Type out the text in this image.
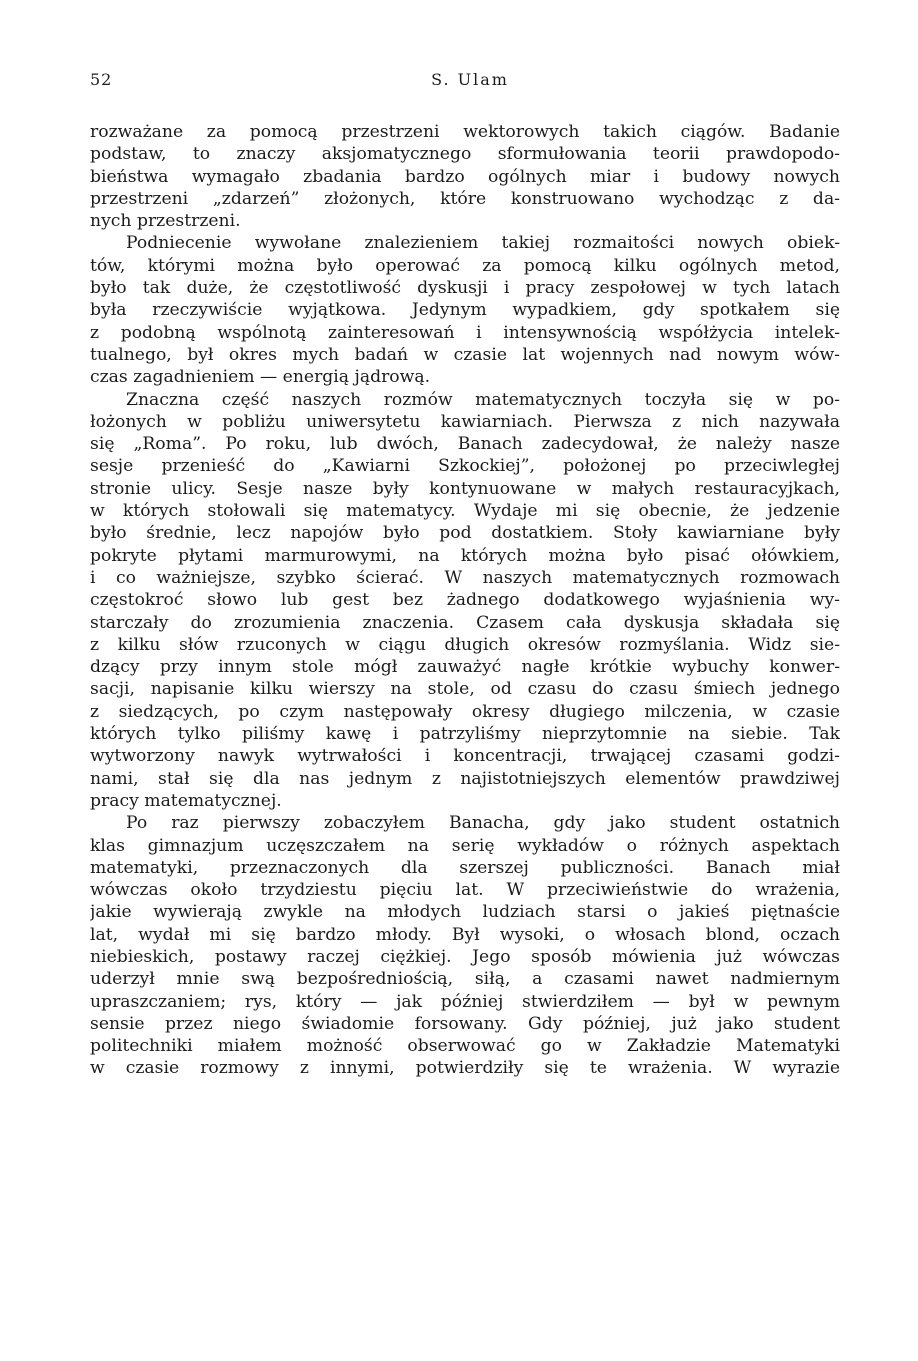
52	S. Ulam
rozważane za pomocą przestrzeni wektorowych takich ciągów. Badanie
podstaw, to znaczy aksjomatycznego sformułowania teorii prawdopodo-
bieństwa wymagało zbadania bardzo ogólnych miar i budowy nowych
przestrzeni „zdarzeń” złożonych, które konstruowano wychodząc z da-
nych przestrzeni.
Podniecenie wywołane znalezieniem takiej rozmaitości nowych obiek-
tów, którymi można było operować za pomocą kilku ogólnych metod,
było tak duże, że częstotliwość dyskusji i pracy zespołowej w tych latach
była rzeczywiście wyjątkowa. Jedynym wypadkiem, gdy spotkałem się
z podobną wspólnotą zainteresowań i intensywnością współżycia intelek-
tualnego, był okres mych badań w czasie lat wojennych nad nowym wów-
czas zagadnieniem — energią jądrową.
Znaczna część naszych rozmów matematycznych toczyła się w po-
łożonych w pobliżu uniwersytetu kawiarniach. Pierwsza z nich nazywała
się „Roma”. Po roku, lub dwóch, Banach zadecydował, że należy nasze
sesje przenieść do „Kawiarni Szkockiej”, położonej po przeciwległej
stronie ulicy. Sesje nasze były kontynuowane w małych restauracyjkach,
w których stołowali się matematycy. Wydaje mi się obecnie, że jedzenie
było średnie, lecz napojów było pod dostatkiem. Stoły kawiarniane były
pokryte płytami marmurowymi, na których można było pisać ołówkiem,
i co ważniejsze, szybko ścierać. W naszych matematycznych rozmowach
częstokroć słowo lub gest bez żadnego dodatkowego wyjaśnienia wy-
starczały do zrozumienia znaczenia. Czasem cała dyskusja składała się
z kilku słów rzuconych w ciągu długich okresów rozmyślania. Widz sie-
dzący przy innym stole mógł zauważyć nagłe krótkie wybuchy konwer-
sacji, napisanie kilku wierszy na stole, od czasu do czasu śmiech jednego
z siedzących, po czym następowały okresy długiego milczenia, w czasie
których tylko piliśmy kawę i patrzyliśmy nieprzytomnie na siebie. Tak
wytworzony nawyk wytrwałości i koncentracji, trwającej czasami godzi-
nami, stał się dla nas jednym z najistotniejszych elementów prawdziwej
pracy matematycznej.
Po raz pierwszy zobaczyłem Banacha, gdy jako student ostatnich
klas gimnazjum uczęszczałem na serię wykładów o różnych aspektach
matematyki, przeznaczonych dla szerszej publiczności. Banach miał
wówczas około trzydziestu pięciu lat. W przeciwieństwie do wrażenia,
jakie wywierają zwykle na młodych ludziach starsi o jakieś piętnaście
lat, wydał mi się bardzo młody. Był wysoki, o włosach blond, oczach
niebieskich, postawy raczej ciężkiej. Jego sposób mówienia już wówczas
uderzył mnie swą bezpośredniością, siłą, a czasami nawet nadmiernym
upraszczaniem; rys, który — jak później stwierdziłem — był w pewnym
sensie przez niego świadomie forsowany. Gdy później, już jako student
politechniki miałem możność obserwować go w Zakładzie Matematyki
w czasie rozmowy z innymi, potwierdziły się te wrażenia. W wyrazie
